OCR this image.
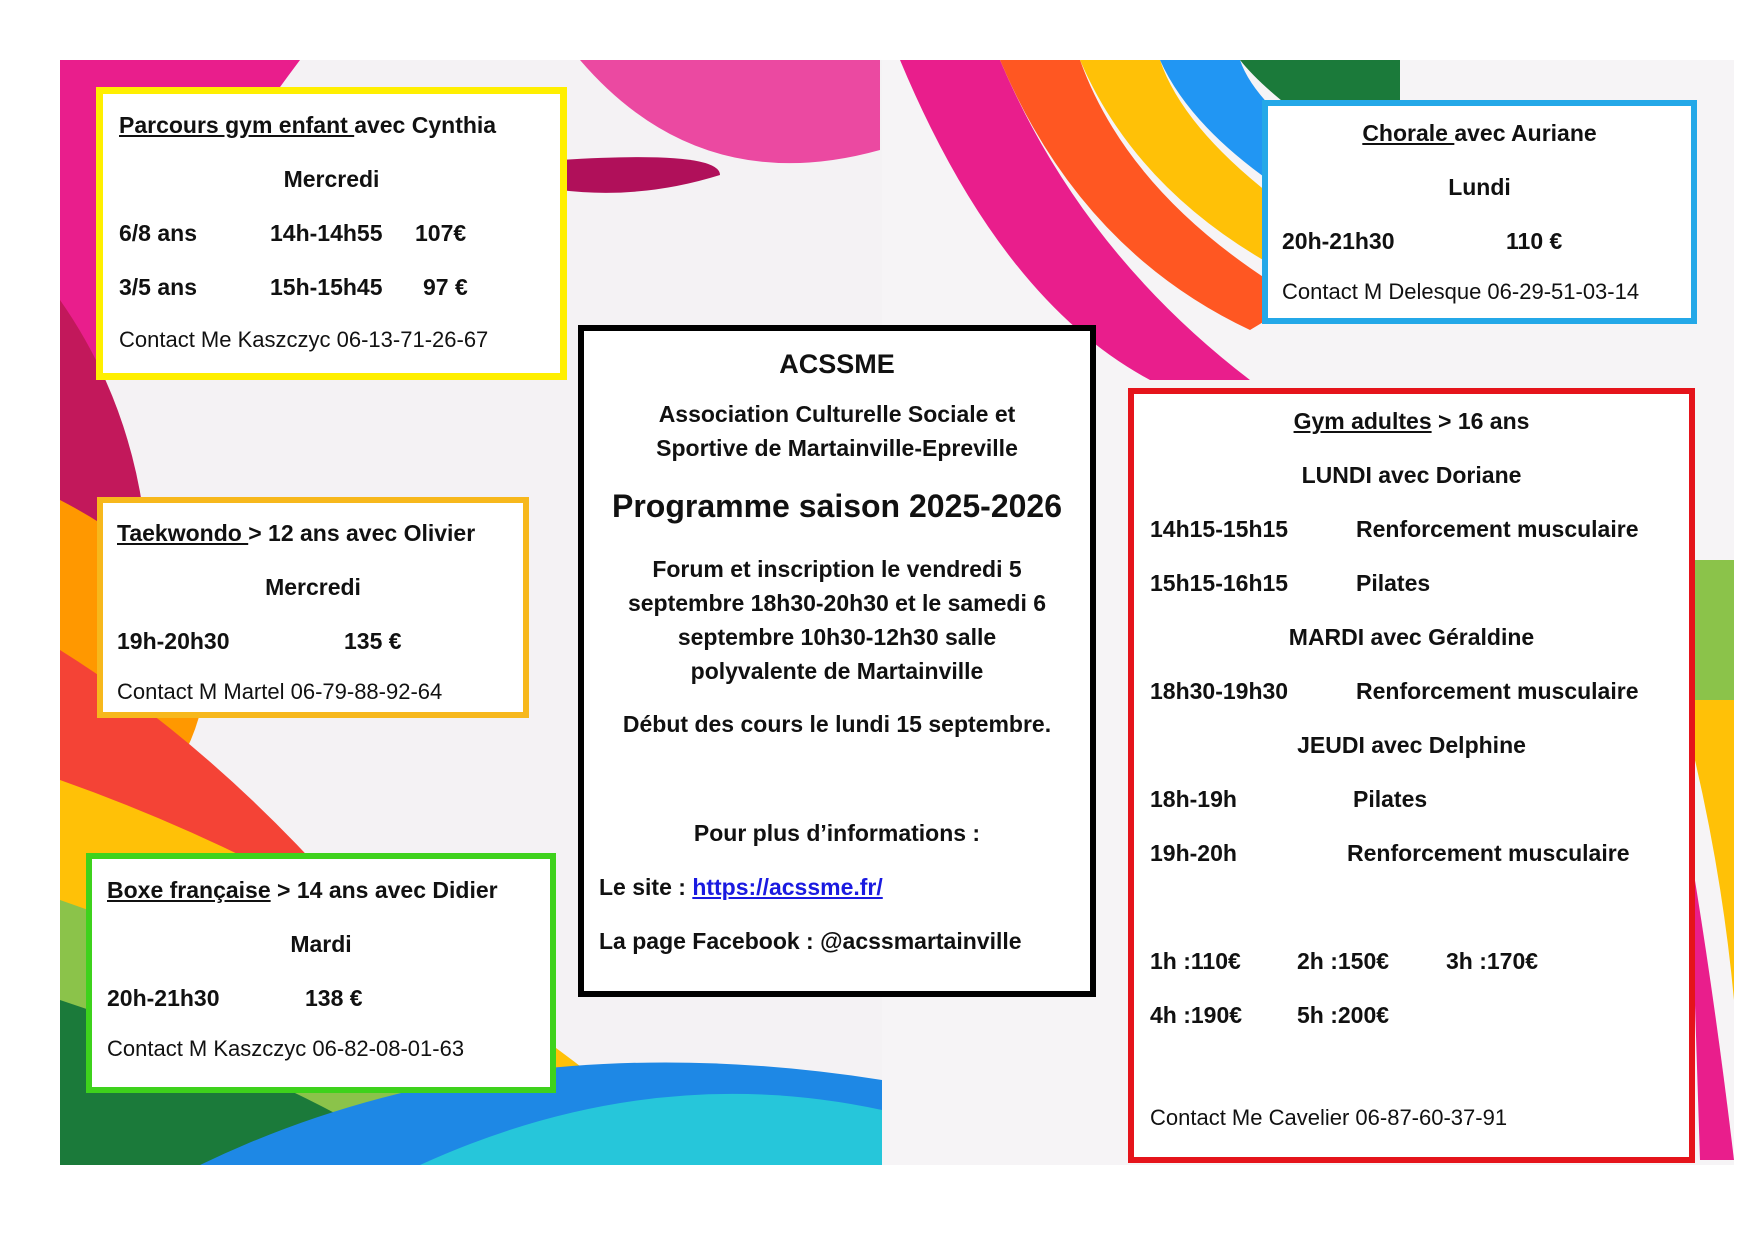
Parcours gym enfant avec Cynthia
Mercredi
6/8 ans	14h-14h55 107€
3/5 ans	15h-15h45 97 €
Contact Me Kaszczyc 06-13-71-26-67
Taekwondo > 12 ans avec Olivier
Mercredi
19h-20h30	135 €
Contact M Martel 06-79-88-92-64
Boxe française > 14 ans avec Didier
Mardi
20h-21h30	138 €
Contact M Kaszczyc 06-82-08-01-63
ACSSME
Association Culturelle Sociale et
Sportive de Martainville-Epreville
Programme saison 2025-2026
Forum et inscription le vendredi 5
septembre 18h30-20h30 et le samedi 6
septembre 10h30-12h30 salle
polyvalente de Martainville
Début des cours le lundi 15 septembre.
Pour plus d’informations :
Le site : https://acssme.fr/
La page Facebook : @acssmartainville
Chorale avec Auriane
Lundi
20h-21h30	110 €
Contact M Delesque 06-29-51-03-14
Gym adultes > 16 ans
LUNDI avec Doriane
14h15-15h15	Renforcement musculaire
15h15-16h15	Pilates
MARDI avec Géraldine
18h30-19h30	Renforcement musculaire
JEUDI avec Delphine
18h-19h	Pilates
19h-20h	Renforcement musculaire
1h :110€ 2h :150€ 3h :170€
4h :190€ 5h :200€
Contact Me Cavelier 06-87-60-37-91
